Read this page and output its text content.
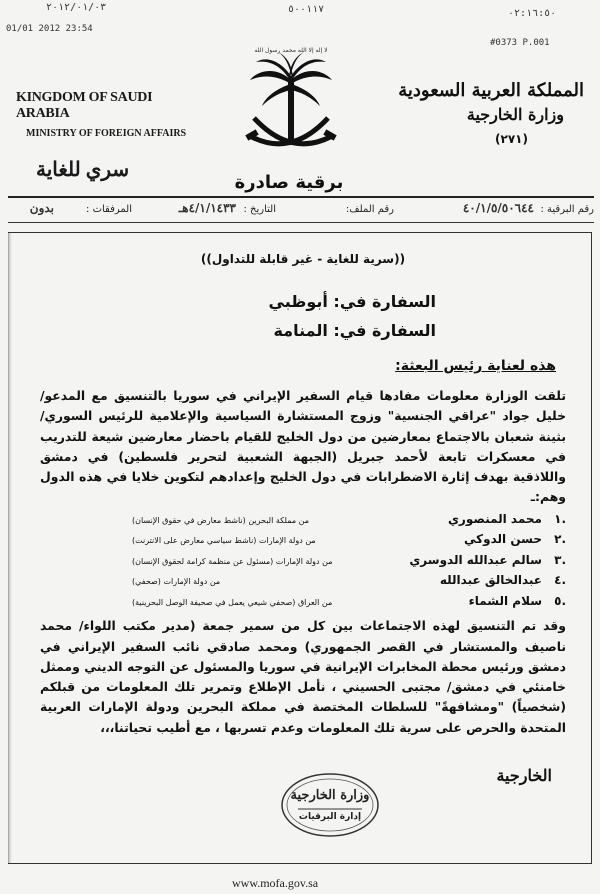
۲۰۱۲/۰۱/۰۳	٥٠٠١١٧	٠٢:١٦:٥٠
01/01 2012 23:54
#0373 P.001
KINGDOM OF SAUDI ARABIA
MINISTRY OF FOREIGN AFFAIRS
سري للغاية
لا إله إلا الله محمد رسول الله
برقية صادرة
المملكة العربية السعودية
وزارة الخارجية
(٢٧١)
رقم البرقية :
٤٠/١/٥/٥٠٦٤٤
رقم الملف:
التاريخ :
٤/١/١٤٣٣هـ
المرفقات :
بدون
((سرية للغاية - غير قابلة للتداول))
السفارة في: أبوظبي
السفارة في: المنامة
هذه لعناية رئيس البعثة:

تلقت الوزارة معلومات مفادها قيام السفير الإيراني في سوريا بالتنسيق مع المدعو/ خليل جواد "عراقي الجنسية" وزوج المستشارة السياسية والإعلامية للرئيس السوري/ بثينة شعبان بالاجتماع بمعارضين من دول الخليج للقيام باحضار معارضين شيعة للتدريب في معسكرات تابعة لأحمد جبريل (الجبهة الشعبية لتحرير فلسطين) في دمشق واللاذقية بهدف إثارة الاضطرابات في دول الخليج وإعدادهم لتكوين خلايا في هذه الدول وهم:ـ

.١
محمد المنصوري
من مملكة البحرين (ناشط معارض في حقوق الإنسان)
.٢
حسن الدوكي
من دولة الإمارات (ناشط سياسي معارض على الانترنت)
.٣
سالم عبدالله الدوسري
من دولة الإمارات (مسئول عن منظمة كرامة لحقوق الإنسان)
.٤
عبدالخالق عبدالله
من دولة الإمارات (صحفي)
.٥
سلام الشماء
من العراق (صحفي شيعي يعمل في صحيفة الوصل البحرينية)

وقد تم التنسيق لهذه الاجتماعات بين كل من سمير جمعة (مدير مكتب اللواء/ محمد ناصيف والمستشار في القصر الجمهوري) ومحمد صادقي نائب السفير الإيراني في دمشق ورئيس محطة المخابرات الإيرانية في سوريا والمسئول عن التوجه الديني وممثل خامنئي في دمشق/ مجتبى الحسيني ، نأمل الإطلاع وتمرير تلك المعلومات من قبلكم (شخصياً) "ومشافهةً" للسلطات المختصة في مملكة البحرين ودولة الإمارات العربية المتحدة والحرص على سرية تلك المعلومات وعدم تسربها ، مع أطيب تحياتنا،،،

الخارجية
وزارة الخارجية
إدارة البرقيات
www.mofa.gov.sa
